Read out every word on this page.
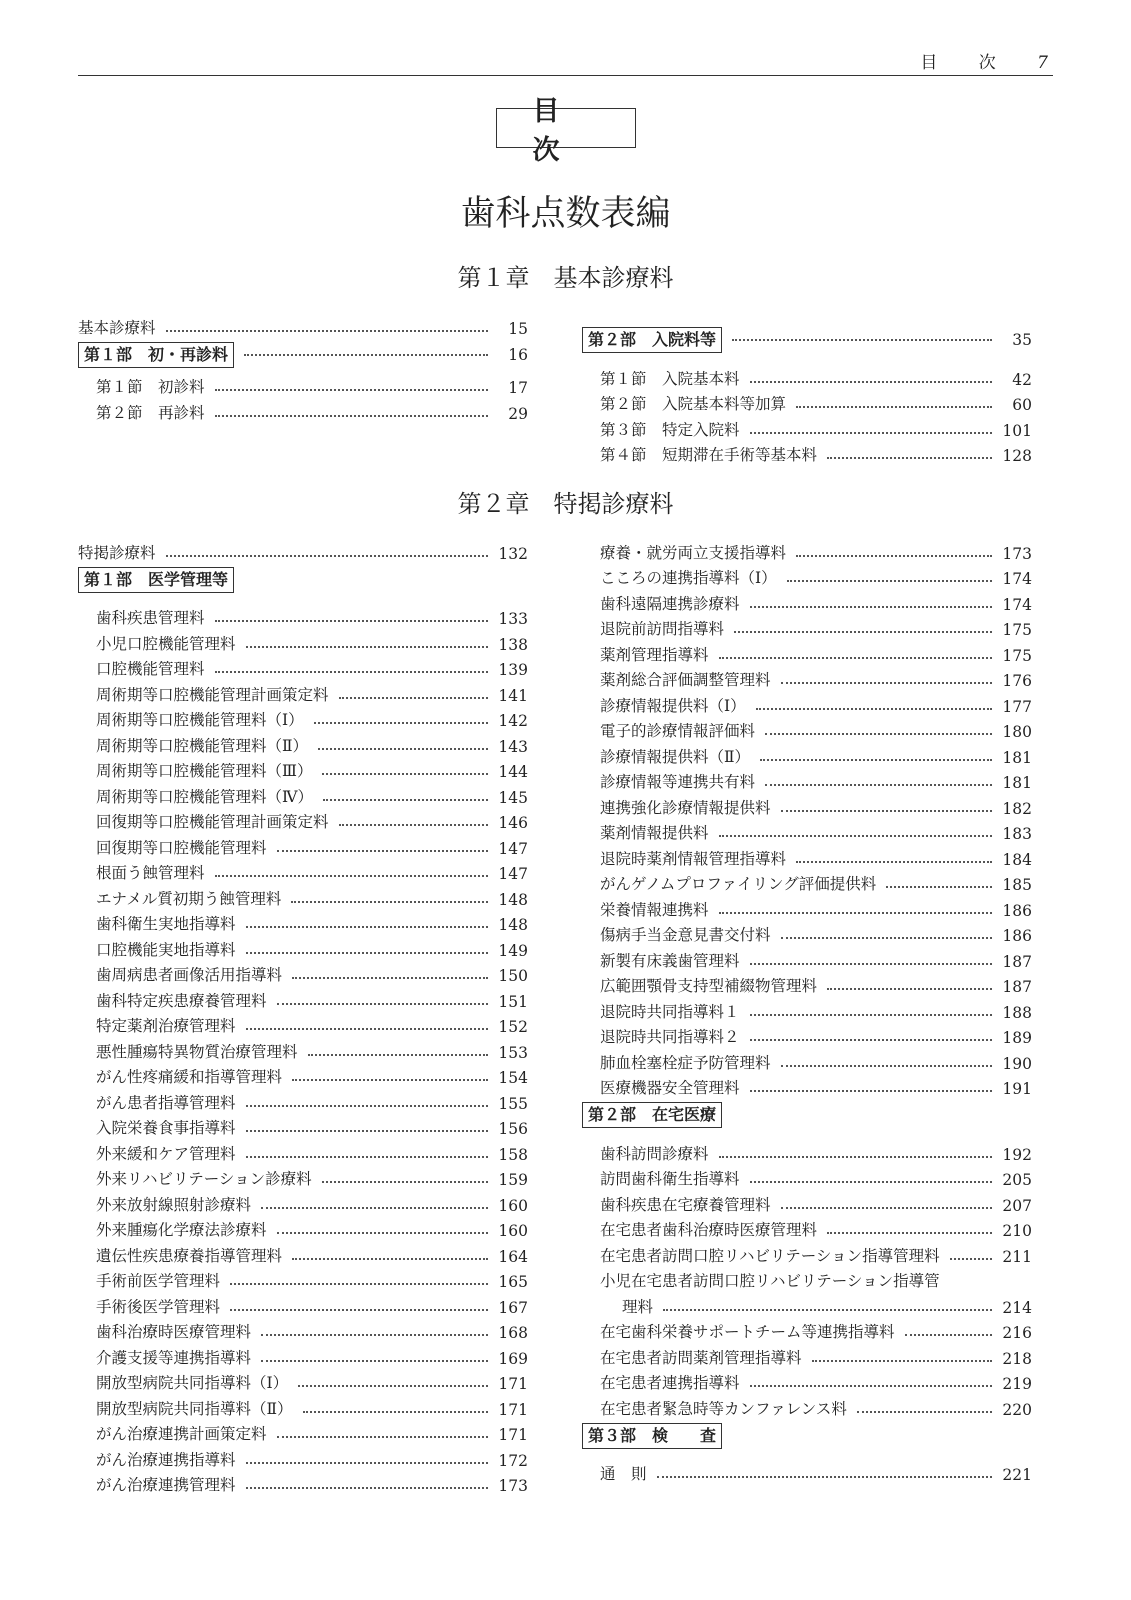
目 次 7
目次
歯科点数表編
第１章　基本診療料
基本診療料	15
第１部　初・再診料	16
第１節　初診料	17
第２節　再診料	29
第２部　入院料等	35
第１節　入院基本料	42
第２節　入院基本料等加算	60
第３節　特定入院料	101
第４節　短期滞在手術等基本料	128
第２章　特掲診療料
特掲診療料	132
第１部　医学管理等
歯科疾患管理料	133
小児口腔機能管理料	138
口腔機能管理料	139
周術期等口腔機能管理計画策定料	141
周術期等口腔機能管理料（Ⅰ）	142
周術期等口腔機能管理料（Ⅱ）	143
周術期等口腔機能管理料（Ⅲ）	144
周術期等口腔機能管理料（Ⅳ）	145
回復期等口腔機能管理計画策定料	146
回復期等口腔機能管理料	147
根面う蝕管理料	147
エナメル質初期う蝕管理料	148
歯科衛生実地指導料	148
口腔機能実地指導料	149
歯周病患者画像活用指導料	150
歯科特定疾患療養管理料	151
特定薬剤治療管理料	152
悪性腫瘍特異物質治療管理料	153
がん性疼痛緩和指導管理料	154
がん患者指導管理料	155
入院栄養食事指導料	156
外来緩和ケア管理料	158
外来リハビリテーション診療料	159
外来放射線照射診療料	160
外来腫瘍化学療法診療料	160
遺伝性疾患療養指導管理料	164
手術前医学管理料	165
手術後医学管理料	167
歯科治療時医療管理料	168
介護支援等連携指導料	169
開放型病院共同指導料（Ⅰ）	171
開放型病院共同指導料（Ⅱ）	171
がん治療連携計画策定料	171
がん治療連携指導料	172
がん治療連携管理料	173
療養・就労両立支援指導料	173
こころの連携指導料（Ⅰ）	174
歯科遠隔連携診療料	174
退院前訪問指導料	175
薬剤管理指導料	175
薬剤総合評価調整管理料	176
診療情報提供料（Ⅰ）	177
電子的診療情報評価料	180
診療情報提供料（Ⅱ）	181
診療情報等連携共有料	181
連携強化診療情報提供料	182
薬剤情報提供料	183
退院時薬剤情報管理指導料	184
がんゲノムプロファイリング評価提供料	185
栄養情報連携料	186
傷病手当金意見書交付料	186
新製有床義歯管理料	187
広範囲顎骨支持型補綴物管理料	187
退院時共同指導料１	188
退院時共同指導料２	189
肺血栓塞栓症予防管理料	190
医療機器安全管理料	191
第２部　在宅医療
歯科訪問診療料	192
訪問歯科衛生指導料	205
歯科疾患在宅療養管理料	207
在宅患者歯科治療時医療管理料	210
在宅患者訪問口腔リハビリテーション指導管理料	211
小児在宅患者訪問口腔リハビリテーション指導管
理料	214
在宅歯科栄養サポートチーム等連携指導料	216
在宅患者訪問薬剤管理指導料	218
在宅患者連携指導料	219
在宅患者緊急時等カンファレンス料	220
第３部　検　　査
通　則	221
